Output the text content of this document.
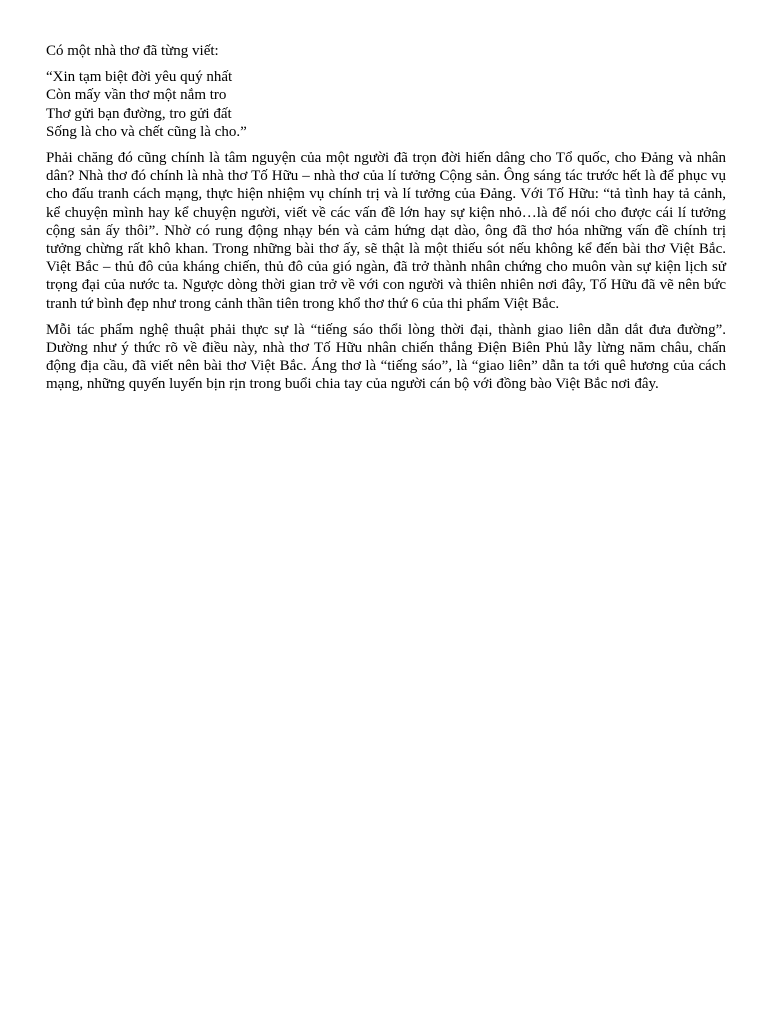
Có một nhà thơ đã từng viết:

“Xin tạm biệt đời yêu quý nhất
Còn mấy vần thơ một nắm tro
Thơ gửi bạn đường, tro gửi đất
Sống là cho và chết cũng là cho.”

Phải chăng đó cũng chính là tâm nguyện của một người đã trọn đời hiến dâng cho Tổ quốc, cho Đảng và nhân dân? Nhà thơ đó chính là nhà thơ Tố Hữu – nhà thơ của lí tưởng Cộng sản. Ông sáng tác trước hết là để phục vụ cho đấu tranh cách mạng, thực hiện nhiệm vụ chính trị và lí tưởng của Đảng. Với Tố Hữu: “tả tình hay tả cảnh, kể chuyện mình hay kể chuyện người, viết về các vấn đề lớn hay sự kiện nhỏ…là để nói cho được cái lí tưởng cộng sản ấy thôi”. Nhờ có rung động nhạy bén và cảm hứng dạt dào, ông đã thơ hóa những vấn đề chính trị tưởng chừng rất khô khan. Trong những bài thơ ấy, sẽ thật là một thiếu sót nếu không kể đến bài thơ Việt Bắc. Việt Bắc – thủ đô của kháng chiến, thủ đô của gió ngàn, đã trở thành nhân chứng cho muôn vàn sự kiện lịch sử trọng đại của nước ta. Ngược dòng thời gian trở về với con người và thiên nhiên nơi đây, Tố Hữu đã vẽ nên bức tranh tứ bình đẹp như trong cảnh thần tiên trong khổ thơ thứ 6 của thi phẩm Việt Bắc.

Mỗi tác phẩm nghệ thuật phải thực sự là “tiếng sáo thổi lòng thời đại, thành giao liên dẫn dắt đưa đường”. Dường như ý thức rõ về điều này, nhà thơ Tố Hữu nhân chiến thắng Điện Biên Phủ lẫy lừng năm châu, chấn động địa cầu, đã viết nên bài thơ Việt Bắc. Áng thơ là “tiếng sáo”, là “giao liên” dẫn ta tới quê hương của cách mạng, những quyến luyến bịn rịn trong buổi chia tay của người cán bộ với đồng bào Việt Bắc nơi đây.
